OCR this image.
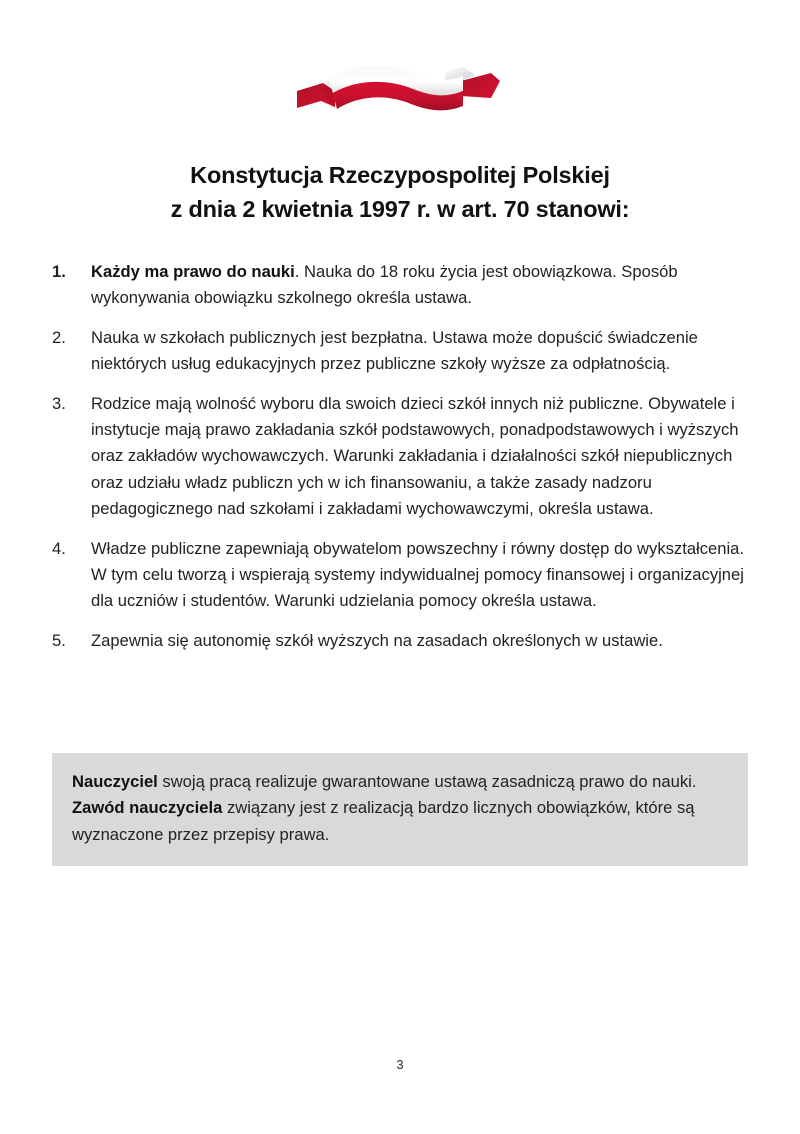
Konstytucja Rzeczypospolitej Polskiej
z dnia 2 kwietnia 1997 r. w art. 70 stanowi:
1.	Każdy ma prawo do nauki. Nauka do 18 roku życia jest obowiązkowa. Sposób wykonywania obowiązku szkolnego określa ustawa.
2.	Nauka w szkołach publicznych jest bezpłatna. Ustawa może dopuścić świadczenie niektórych usług edukacyjnych przez publiczne szkoły wyższe za odpłatnością.
3.	Rodzice mają wolność wyboru dla swoich dzieci szkół innych niż publiczne. Obywatele i instytucje mają prawo zakładania szkół podstawowych, ponadpodstawowych i wyższych oraz zakładów wychowawczych. Warunki zakładania i działalności szkół niepublicznych oraz udziału władz publiczn ych w ich finansowaniu, a także zasady nadzoru pedagogicznego nad szkołami i zakładami wychowawczymi, określa ustawa.
4.	Władze publiczne zapewniają obywatelom powszechny i równy dostęp do wykształcenia. W tym celu tworzą i wspierają systemy indywidualnej pomocy finansowej i organizacyjnej dla uczniów i studentów. Warunki udzielania pomocy określa ustawa.
5.	Zapewnia się autonomię szkół wyższych na zasadach określonych w ustawie.
Nauczyciel swoją pracą realizuje gwarantowane ustawą zasadniczą prawo do nauki. Zawód nauczyciela związany jest z realizacją bardzo licznych obowiązków, które są wyznaczone przez przepisy prawa.
3
